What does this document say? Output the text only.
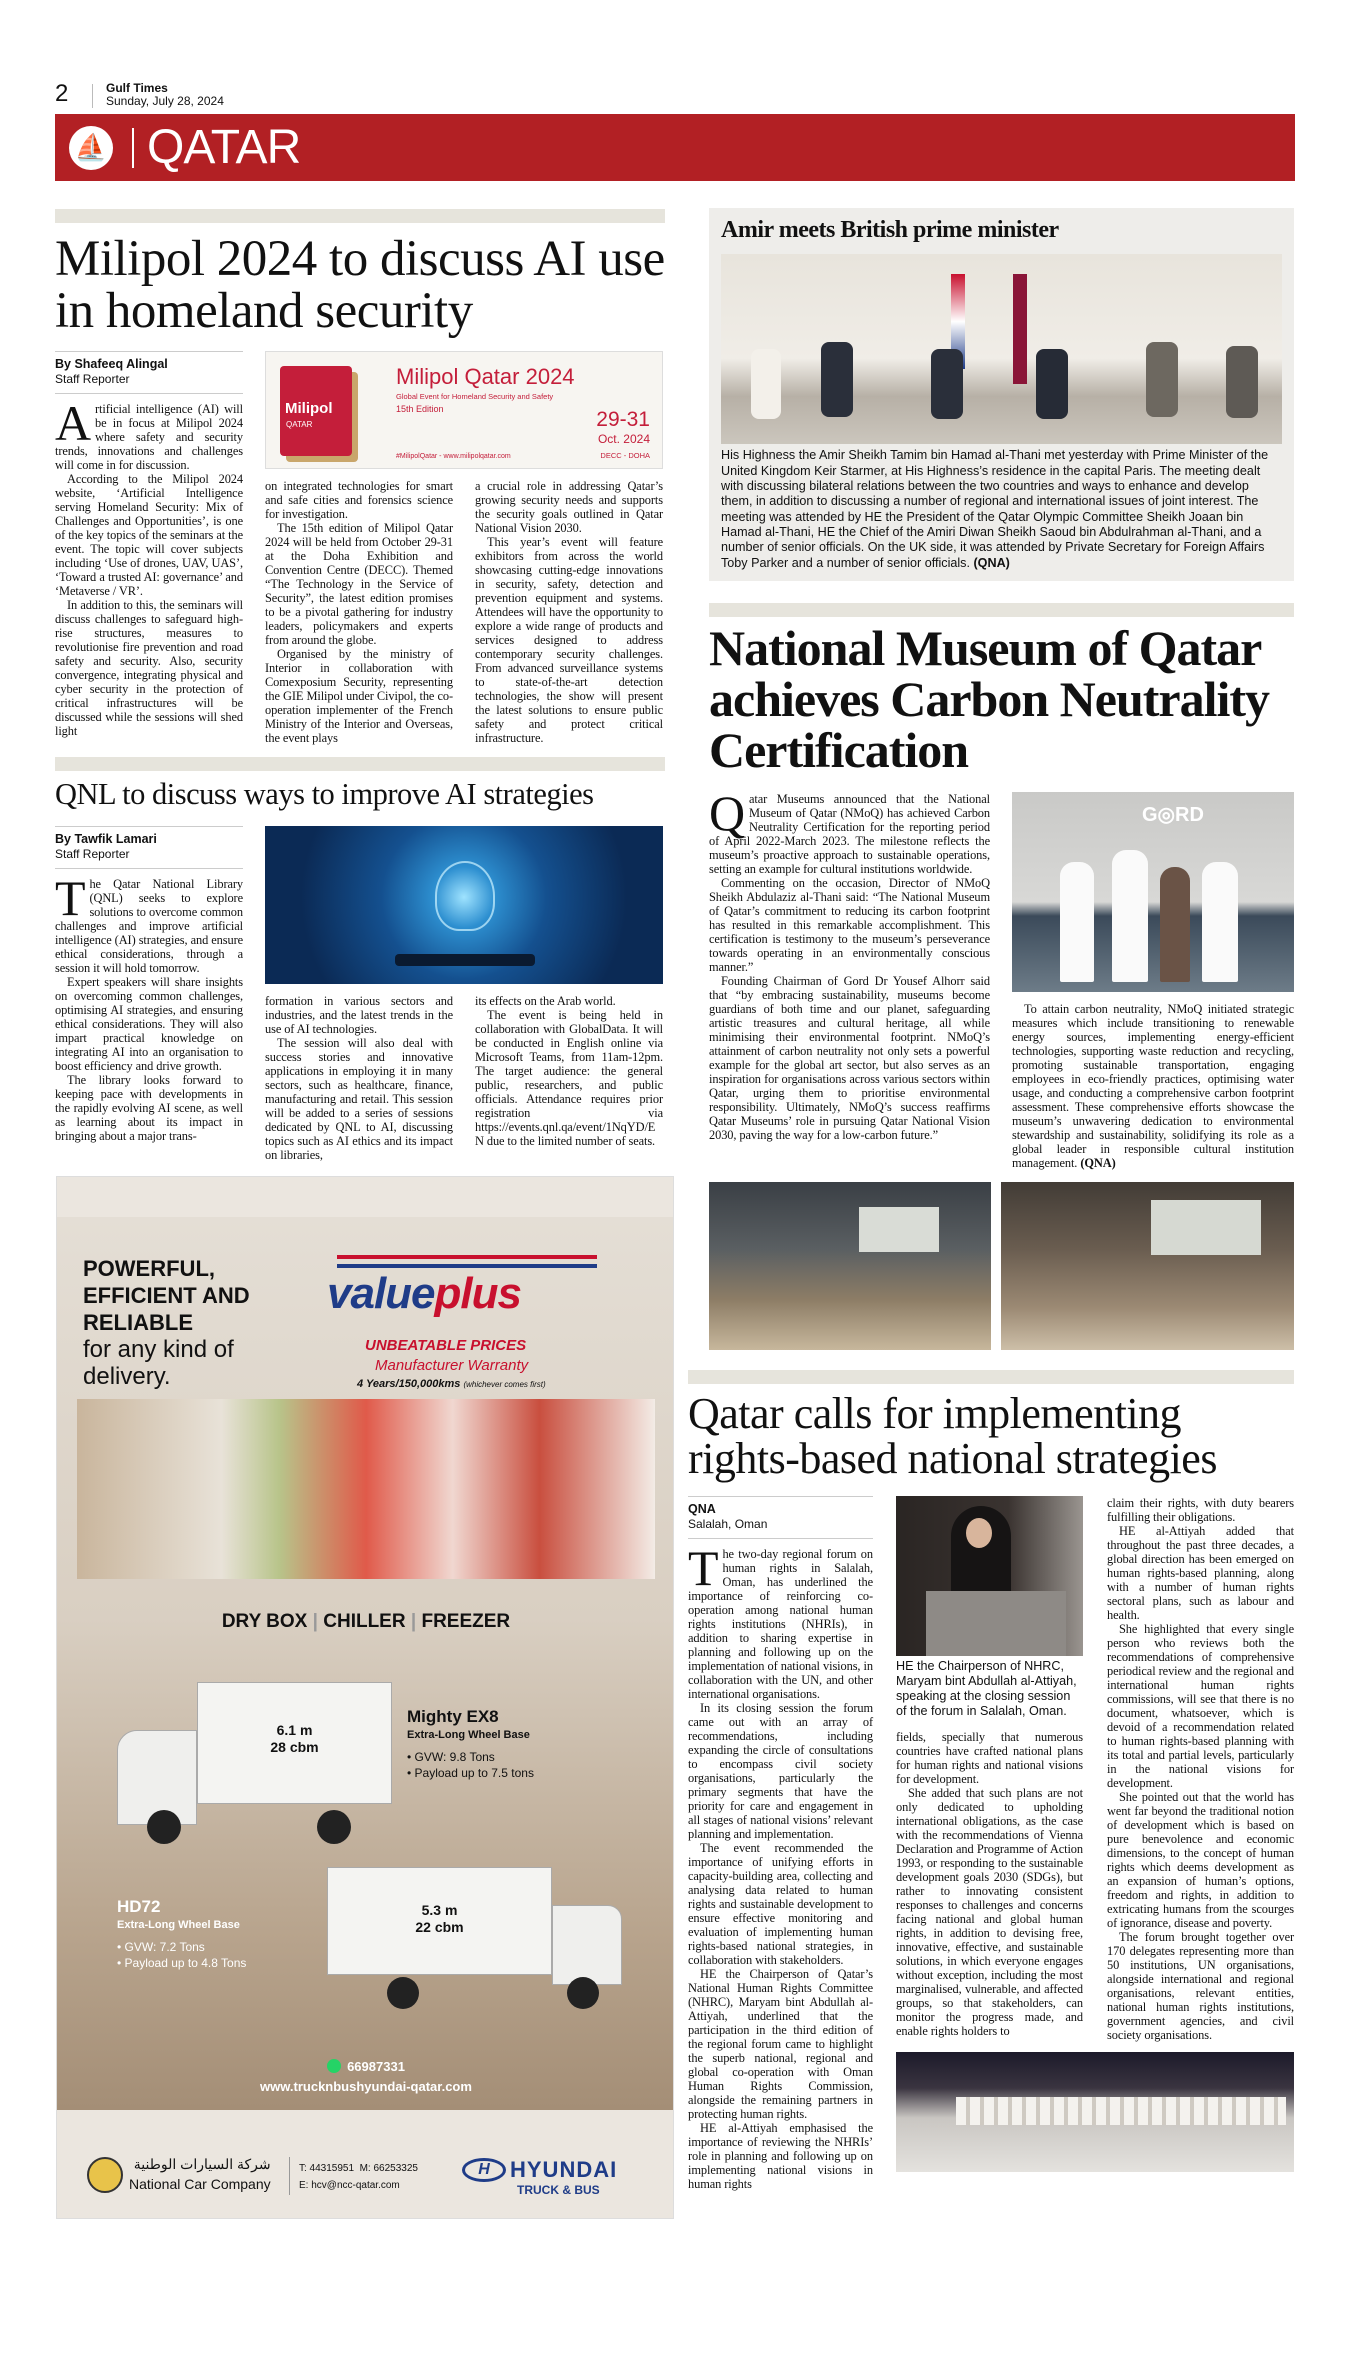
2	Gulf Times
Sunday, July 28, 2024
⛵ QATAR
Milipol 2024 to discuss AI use in homeland security
By Shafeeq Alingal
Staff Reporter

Artificial intelligence (AI) will be in focus at Milipol 2024 where safety and security trends, innovations and challenges will come in for discussion.

According to the Milipol 2024 website, ‘Artificial Intelligence serving Homeland Security: Mix of Challenges and Opportunities’, is one of the key topics of the seminars at the event. The topic will cover subjects including ‘Use of drones, UAV, UAS’, ‘Toward a trusted AI: governance’ and ‘Metaverse / VR’.

In addition to this, the seminars will discuss challenges to safeguard high-rise structures, measures to revolutionise fire prevention and road safety and security. Also, security convergence, integrating physical and cyber security in the protection of critical infrastructures will be discussed while the sessions will shed light

Milipol
QATAR
Milipol Qatar 2024
Global Event for Homeland Security and Safety
15th Edition	29-31
Oct. 2024
#MilipolQatar - www.milipolqatar.com	DECC - DOHA

on integrated technologies for smart and safe cities and forensics science for investigation.

The 15th edition of Milipol Qatar 2024 will be held from October 29-31 at the Doha Exhibition and Convention Centre (DECC). Themed “The Technology in the Service of Security”, the latest edition promises to be a pivotal gathering for industry leaders, policymakers and experts from around the globe.

Organised by the ministry of Interior in collaboration with Comexposium Security, representing the GIE Milipol under Civipol, the co-operation implementer of the French Ministry of the Interior and Overseas, the event plays

a crucial role in addressing Qatar’s growing security needs and supports the security goals outlined in Qatar National Vision 2030.

This year’s event will feature exhibitors from across the world showcasing cutting-edge innovations in security, safety, detection and prevention equipment and systems. Attendees will have the opportunity to explore a wide range of products and services designed to address contemporary security challenges. From advanced surveillance systems to state-of-the-art detection technologies, the show will present the latest solutions to ensure public safety and protect critical infrastructure.

QNL to discuss ways to improve AI strategies
By Tawfik Lamari
Staff Reporter

The Qatar National Library (QNL) seeks to explore solutions to overcome common challenges and improve artificial intelligence (AI) strategies, and ensure ethical considerations, through a session it will hold tomorrow.

Expert speakers will share insights on overcoming common challenges, optimising AI strategies, and ensuring ethical considerations. They will also impart practical knowledge on integrating AI into an organisation to boost efficiency and drive growth.

The library looks forward to keeping pace with developments in the rapidly evolving AI scene, as well as learning about its impact in bringing about a major trans-

formation in various sectors and industries, and the latest trends in the use of AI technologies.

The session will also deal with success stories and innovative applications in employing it in many sectors, such as healthcare, finance, manufacturing and retail. This session will be added to a series of sessions dedicated by QNL to AI, discussing topics such as AI ethics and its impact on libraries,

its effects on the Arab world.

The event is being held in collaboration with GlobalData. It will be conducted in English online via Microsoft Teams, from 11am-12pm. The target audience: the general public, researchers, and public officials. Attendance requires prior registration via https://events.qnl.qa/event/1NqYD/EN due to the limited number of seats.

POWERFUL,
EFFICIENT AND
RELIABLE
for any kind of
delivery.
valueplus
UNBEATABLE PRICES
Manufacturer Warranty
4 Years/150,000kms (whichever comes first)
DRY BOX | CHILLER | FREEZER
6.1 m
28 cbm
Mighty EX8
Extra-Long Wheel Base
• GVW: 9.8 Tons
• Payload up to 7.5 tons
HD72
Extra-Long Wheel Base
• GVW: 7.2 Tons
• Payload up to 4.8 Tons
5.3 m
22 cbm
66987331
www.trucknbushyundai-qatar.com
شركة السيارات الوطنية
National Car Company
T: 44315951  M: 66253325
E: hcv@ncc-qatar.com
H HYUNDAI
TRUCK & BUS
Amir meets British prime minister

His Highness the Amir Sheikh Tamim bin Hamad al-Thani met yesterday with Prime Minister of the United Kingdom Keir Starmer, at His Highness’s residence in the capital Paris. The meeting dealt with discussing bilateral relations between the two countries and ways to enhance and develop them, in addition to discussing a number of regional and international issues of joint interest. The meeting was attended by HE the President of the Qatar Olympic Committee Sheikh Joaan bin Hamad al-Thani, HE the Chief of the Amiri Diwan Sheikh Saoud bin Abdulrahman al-Thani, and a number of senior officials. On the UK side, it was attended by Private Secretary for Foreign Affairs Toby Parker and a number of senior officials. (QNA)

National Museum of Qatar achieves Carbon Neutrality Certification

Qatar Museums announced that the National Museum of Qatar (NMoQ) has achieved Carbon Neutrality Certification for the reporting period of April 2022-March 2023. The milestone reflects the museum’s proactive approach to sustainable operations, setting an example for cultural institutions worldwide.

Commenting on the occasion, Director of NMoQ Sheikh Abdulaziz al-Thani said: “The National Museum of Qatar’s commitment to reducing its carbon footprint has resulted in this remarkable accomplishment. This certification is testimony to the museum’s perseverance towards operating in an environmentally conscious manner.”

Founding Chairman of Gord Dr Yousef Alhorr said that “by embracing sustainability, museums become guardians of both time and our planet, safeguarding artistic treasures and cultural heritage, all while minimising their environmental footprint. NMoQ’s attainment of carbon neutrality not only sets a powerful example for the global art sector, but also serves as an inspiration for organisations across various sectors within Qatar, urging them to prioritise environmental responsibility. Ultimately, NMoQ’s success reaffirms Qatar Museums’ role in pursuing Qatar National Vision 2030, paving the way for a low-carbon future.”

G◎RD

To attain carbon neutrality, NMoQ initiated strategic measures which include transitioning to renewable energy sources, implementing energy-efficient technologies, supporting waste reduction and recycling, promoting sustainable transportation, engaging employees in eco-friendly practices, optimising water usage, and conducting a comprehensive carbon footprint assessment. These comprehensive efforts showcase the museum’s unwavering dedication to environmental stewardship and sustainability, solidifying its role as a global leader in responsible cultural institution management. (QNA)

Qatar calls for implementing rights-based national strategies
QNA
Salalah, Oman

The two-day regional forum on human rights in Salalah, Oman, has underlined the importance of reinforcing co-operation among national human rights institutions (NHRIs), in addition to sharing expertise in planning and following up on the implementation of national visions, in collaboration with the UN, and other international organisations.

In its closing session the forum came out with an array of recommendations, including expanding the circle of consultations to encompass civil society organisations, particularly the primary segments that have the priority for care and engagement in all stages of national visions’ relevant planning and implementation.

The event recommended the importance of unifying efforts in capacity-building area, collecting and analysing data related to human rights and sustainable development to ensure effective monitoring and evaluation of implementing human rights-based national strategies, in collaboration with stakeholders.

HE the Chairperson of Qatar’s National Human Rights Committee (NHRC), Maryam bint Abdullah al-Attiyah, underlined that the participation in the third edition of the regional forum came to highlight the superb national, regional and global co-operation with Oman Human Rights Commission, alongside the remaining partners in protecting human rights.

HE al-Attiyah emphasised the importance of reviewing the NHRIs’ role in planning and following up on implementing national visions in human rights

HE the Chairperson of NHRC, Maryam bint Abdullah al-Attiyah, speaking at the closing session of the forum in Salalah, Oman.

fields, specially that numerous countries have crafted national plans for human rights and national visions for development.

She added that such plans are not only dedicated to upholding international obligations, as the case with the recommendations of Vienna Declaration and Programme of Action 1993, or responding to the sustainable development goals 2030 (SDGs), but rather to innovating consistent responses to challenges and concerns facing national and global human rights, in addition to devising free, innovative, effective, and sustainable solutions, in which everyone engages without exception, including the most marginalised, vulnerable, and affected groups, so that stakeholders, can monitor the progress made, and enable rights holders to

claim their rights, with duty bearers fulfilling their obligations.

HE al-Attiyah added that throughout the past three decades, a global direction has been emerged on human rights-based planning, along with a number of human rights sectoral plans, such as labour and health.

She highlighted that every single person who reviews both the recommendations of comprehensive periodical review and the regional and international human rights commissions, will see that there is no document, whatsoever, which is devoid of a recommendation related to human rights-based planning with its total and partial levels, particularly in the national visions for development.

She pointed out that the world has went far beyond the traditional notion of development which is based on pure benevolence and economic dimensions, to the concept of human rights which deems development as an expansion of human’s options, freedom and rights, in addition to extricating humans from the scourges of ignorance, disease and poverty.

The forum brought together over 170 delegates representing more than 50 institutions, UN organisations, alongside international and regional organisations, relevant entities, national human rights institutions, government agencies, and civil society organisations.
